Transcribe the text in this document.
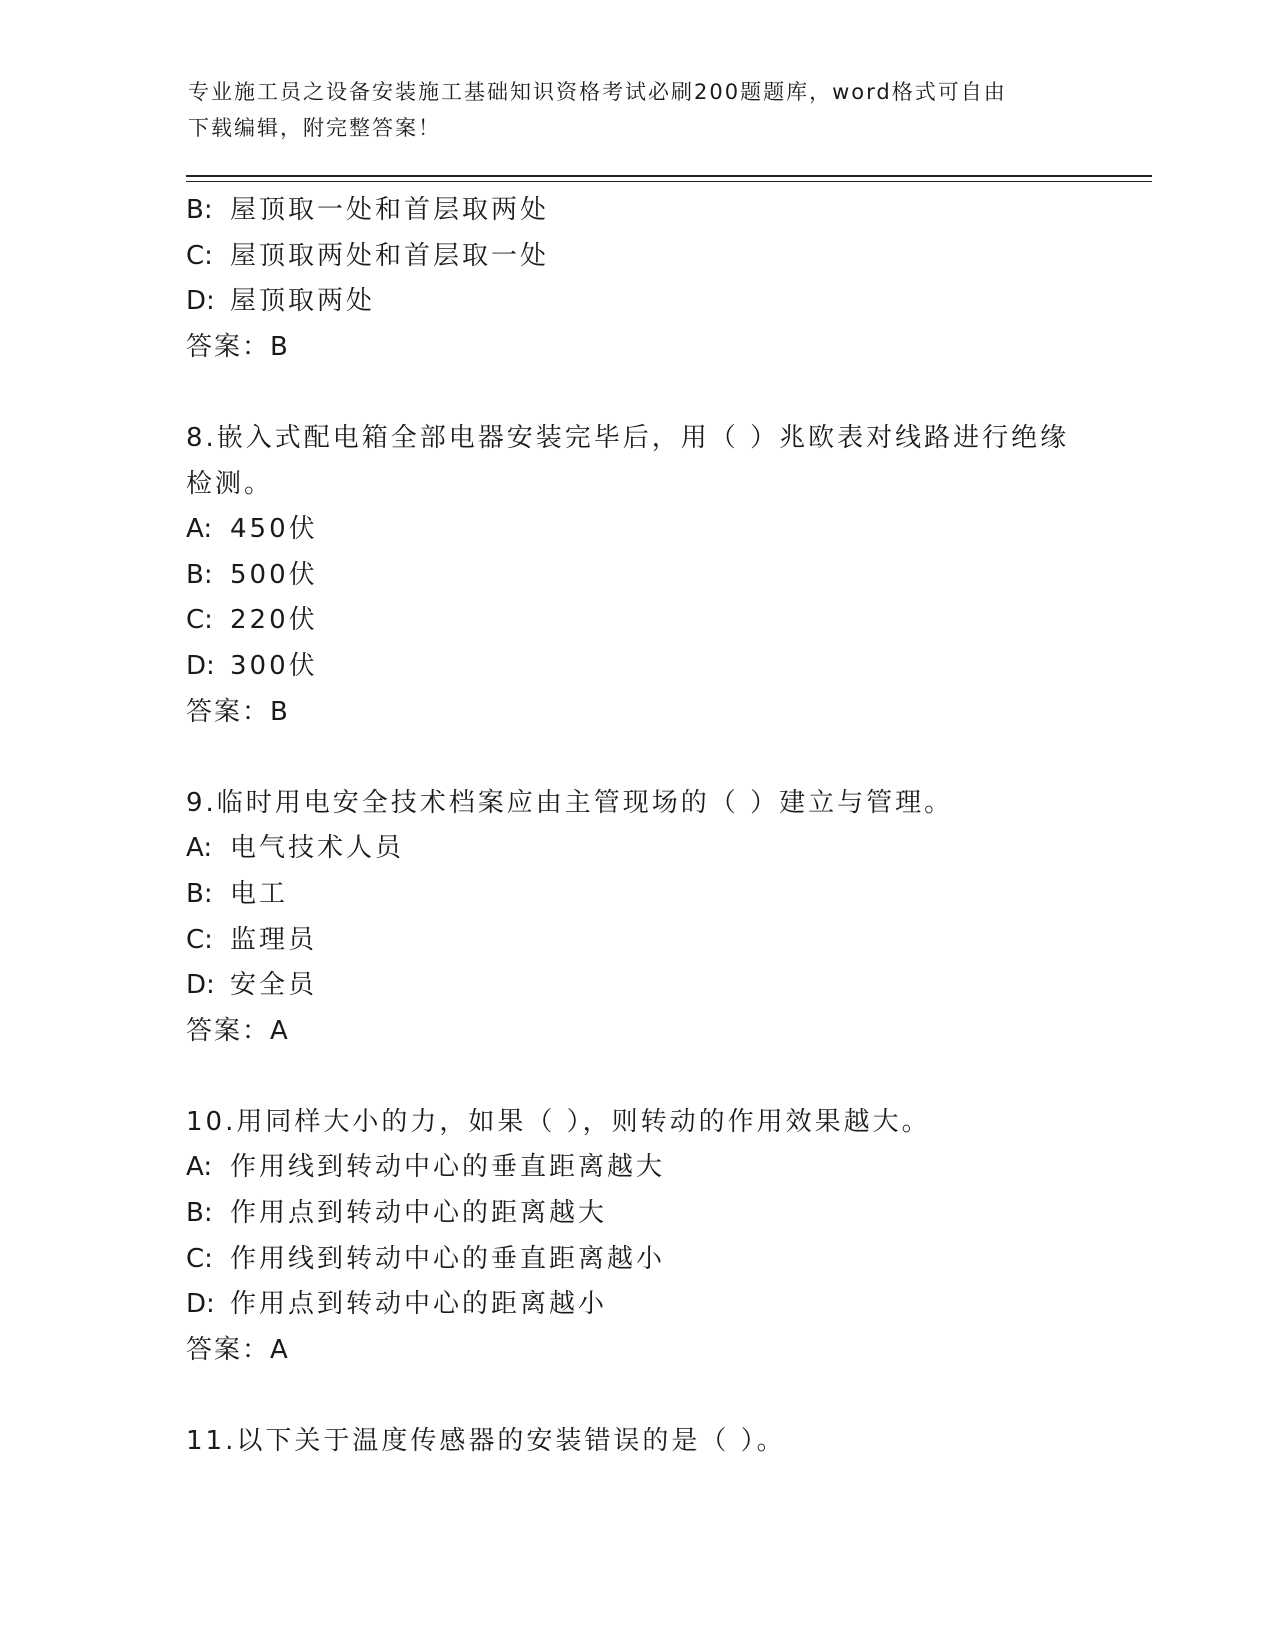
专业施工员之设备安装施工基础知识资格考试必刷200题题库，word格式可自由
下载编辑，附完整答案！
B: 屋顶取一处和首层取两处
C: 屋顶取两处和首层取一处
D: 屋顶取两处
答案：B
8.嵌入式配电箱全部电器安装完毕后，用（ ）兆欧表对线路进行绝缘
检测。
A: 450伏
B: 500伏
C: 220伏
D: 300伏
答案：B
9.临时用电安全技术档案应由主管现场的（ ）建立与管理。
A: 电气技术人员
B: 电工
C: 监理员
D: 安全员
答案：A
10.用同样大小的力，如果（ ），则转动的作用效果越大。
A: 作用线到转动中心的垂直距离越大
B: 作用点到转动中心的距离越大
C: 作用线到转动中心的垂直距离越小
D: 作用点到转动中心的距离越小
答案：A
11.以下关于温度传感器的安装错误的是（ ）。
